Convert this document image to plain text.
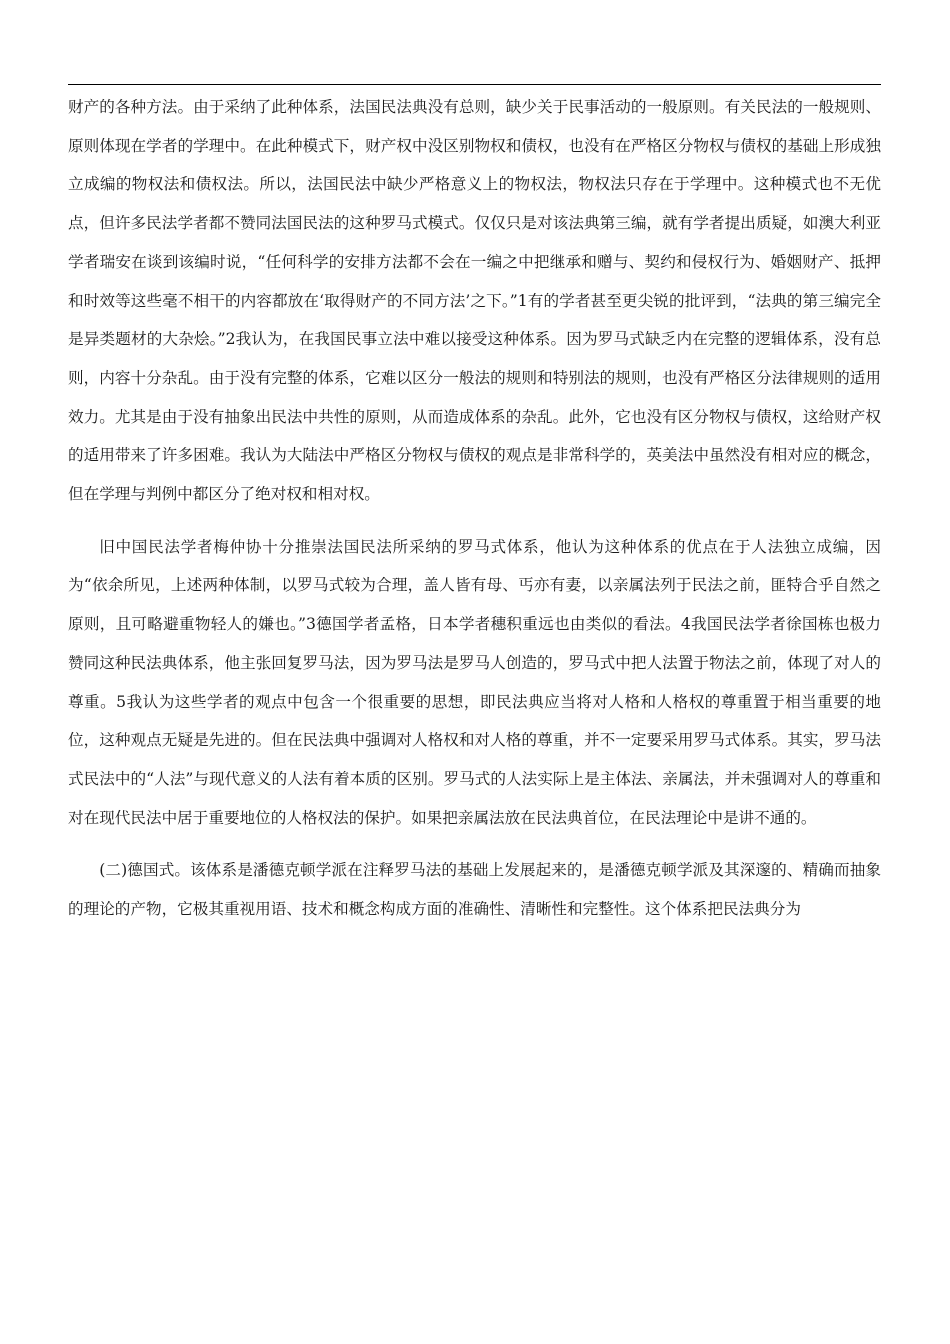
财产的各种方法。由于采纳了此种体系，法国民法典没有总则，缺少关于民事活动的一般原则。有关民法的一般规则、原则体现在学者的学理中。在此种模式下，财产权中没区别物权和债权，也没有在严格区分物权与债权的基础上形成独立成编的物权法和债权法。所以，法国民法中缺少严格意义上的物权法，物权法只存在于学理中。这种模式也不无优点，但许多民法学者都不赞同法国民法的这种罗马式模式。仅仅只是对该法典第三编，就有学者提出质疑，如澳大利亚学者瑞安在谈到该编时说，“任何科学的安排方法都不会在一编之中把继承和赠与、契约和侵权行为、婚姻财产、抵押和时效等这些毫不相干的内容都放在‘取得财产的不同方法’之下。”1有的学者甚至更尖锐的批评到，“法典的第三编完全是异类题材的大杂烩。”2我认为，在我国民事立法中难以接受这种体系。因为罗马式缺乏内在完整的逻辑体系，没有总则，内容十分杂乱。由于没有完整的体系，它难以区分一般法的规则和特别法的规则，也没有严格区分法律规则的适用效力。尤其是由于没有抽象出民法中共性的原则，从而造成体系的杂乱。此外，它也没有区分物权与债权，这给财产权的适用带来了许多困难。我认为大陆法中严格区分物权与债权的观点是非常科学的，英美法中虽然没有相对应的概念，但在学理与判例中都区分了绝对权和相对权。

旧中国民法学者梅仲协十分推崇法国民法所采纳的罗马式体系，他认为这种体系的优点在于人法独立成编，因为“依余所见，上述两种体制，以罗马式较为合理，盖人皆有母、丐亦有妻，以亲属法列于民法之前，匪特合乎自然之原则，且可略避重物轻人的嫌也。”3德国学者孟格，日本学者穗积重远也由类似的看法。4我国民法学者徐国栋也极力赞同这种民法典体系，他主张回复罗马法，因为罗马法是罗马人创造的，罗马式中把人法置于物法之前，体现了对人的尊重。5我认为这些学者的观点中包含一个很重要的思想，即民法典应当将对人格和人格权的尊重置于相当重要的地位，这种观点无疑是先进的。但在民法典中强调对人格权和对人格的尊重，并不一定要采用罗马式体系。其实，罗马法式民法中的“人法”与现代意义的人法有着本质的区别。罗马式的人法实际上是主体法、亲属法，并未强调对人的尊重和对在现代民法中居于重要地位的人格权法的保护。如果把亲属法放在民法典首位，在民法理论中是讲不通的。

(二)德国式。该体系是潘德克顿学派在注释罗马法的基础上发展起来的，是潘德克顿学派及其深邃的、精确而抽象的理论的产物，它极其重视用语、技术和概念构成方面的准确性、清晰性和完整性。这个体系把民法典分为
